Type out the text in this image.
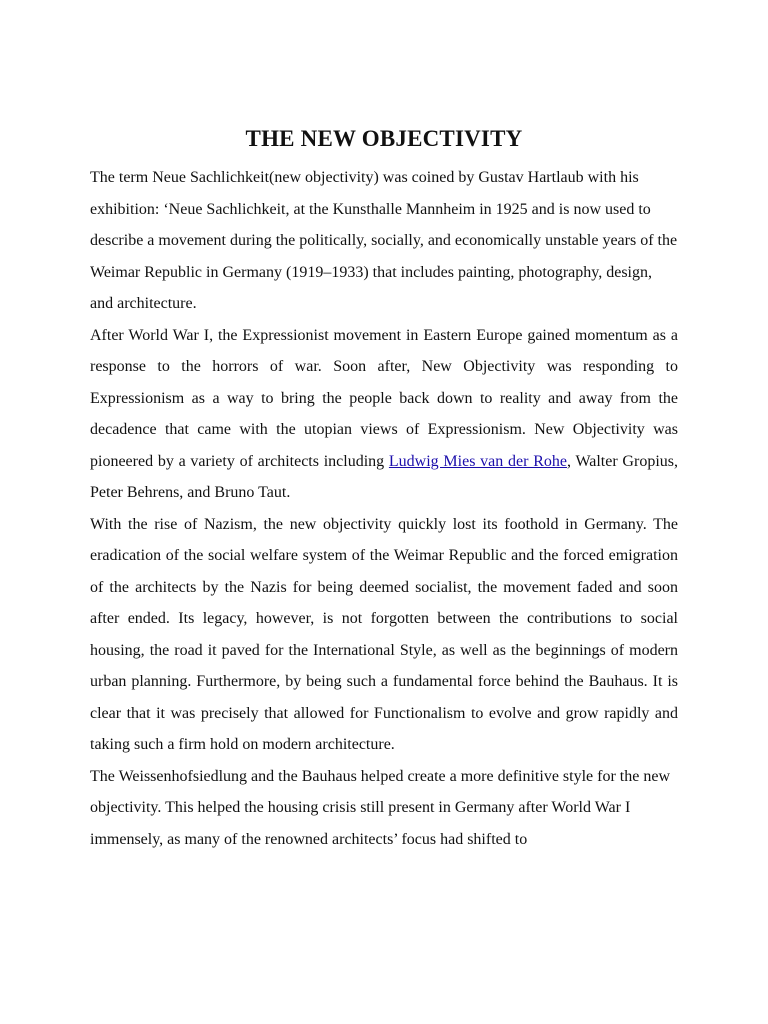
THE NEW OBJECTIVITY

The term Neue Sachlichkeit(new objectivity) was coined by Gustav Hartlaub with his exhibition: ‘Neue Sachlichkeit, at the Kunsthalle Mannheim in 1925 and is now used to describe a movement during the politically, socially, and economically unstable years of the Weimar Republic in Germany (1919–1933) that includes painting, photography, design, and architecture.

After World War I, the Expressionist movement in Eastern Europe gained momentum as a response to the horrors of war. Soon after, New Objectivity was responding to Expressionism as a way to bring the people back down to reality and away from the decadence that came with the utopian views of Expressionism. New Objectivity was pioneered by a variety of architects including Ludwig Mies van der Rohe, Walter Gropius, Peter Behrens, and Bruno Taut.

With the rise of Nazism, the new objectivity quickly lost its foothold in Germany. The eradication of the social welfare system of the Weimar Republic and the forced emigration of the architects by the Nazis for being deemed socialist, the movement faded and soon after ended. Its legacy, however, is not forgotten between the contributions to social housing, the road it paved for the International Style, as well as the beginnings of modern urban planning. Furthermore, by being such a fundamental force behind the Bauhaus. It is clear that it was precisely that allowed for Functionalism to evolve and grow rapidly and taking such a firm hold on modern architecture.

The Weissenhofsiedlung and the Bauhaus helped create a more definitive style for the new objectivity. This helped the housing crisis still present in Germany after World War I immensely, as many of the renowned architects’ focus had shifted to
